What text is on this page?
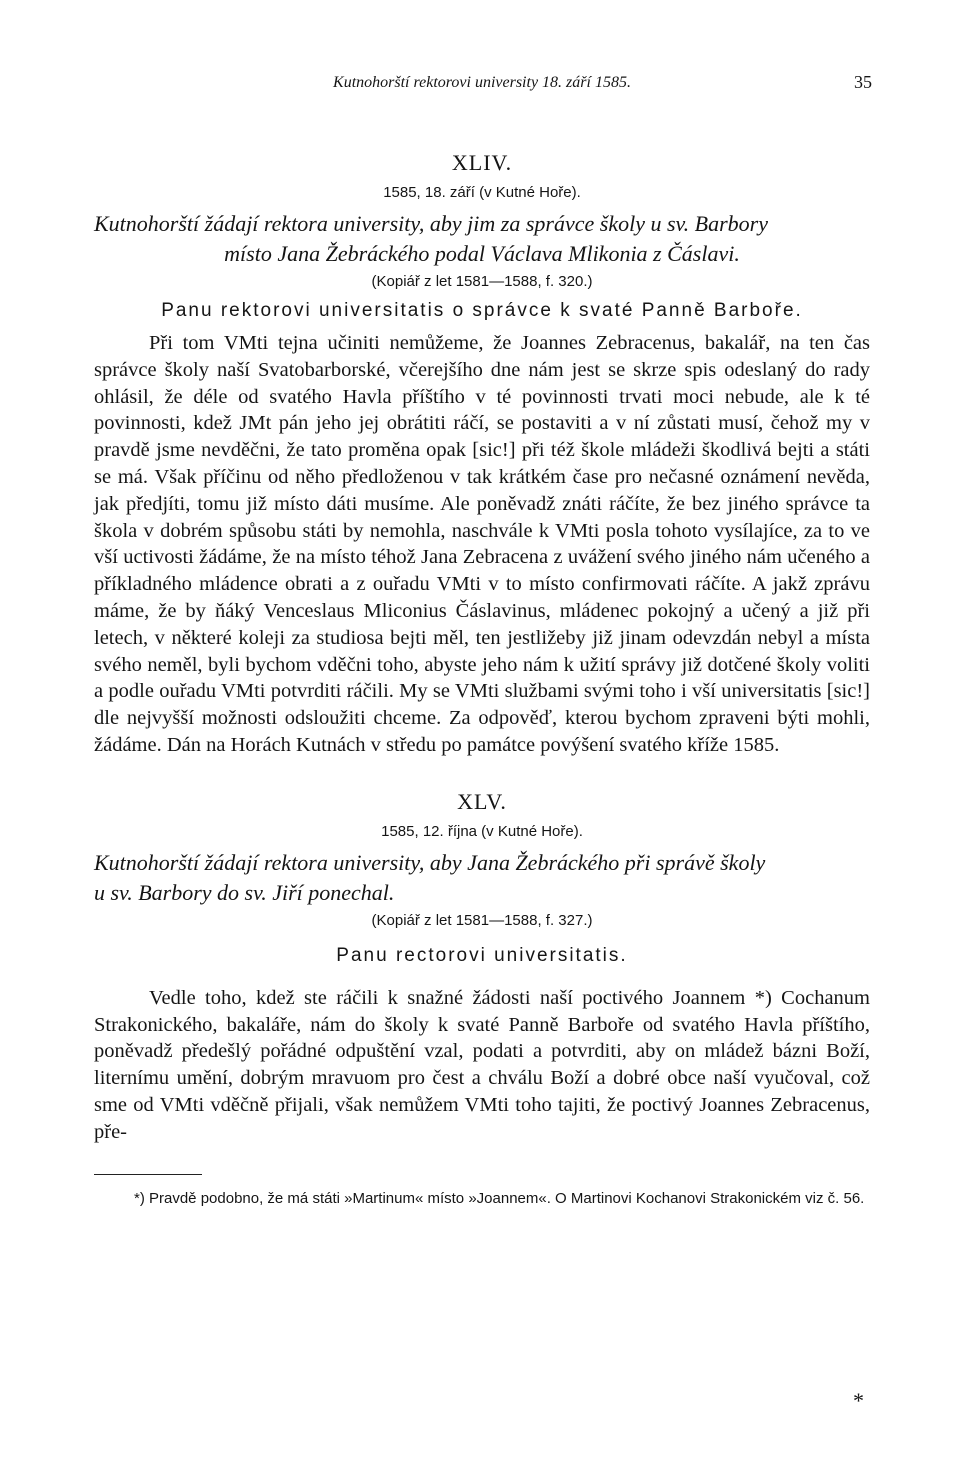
Kutnohorští rektorovi university 18. září 1585.	35
XLIV.
1585, 18. září (v Kutné Hoře).
Kutnohorští žádají rektora university, aby jim za správce školy u sv. Barbory
místo Jana Žebráckého podal Václava Mlikonia z Čáslavi.
(Kopiář z let 1581—1588, f. 320.)
Panu rektorovi universitatis o správce k svaté Panně Barboře.

Při tom VMti tejna učiniti nemůžeme, že Joannes Zebracenus, bakalář, na ten čas správce školy naší Svatobarborské, včerejšího dne nám jest se skrze spis odeslaný do rady ohlásil, že déle od svatého Havla příštího v té povinnosti trvati moci nebude, ale k té povinnosti, kdež JMt pán jeho jej obrátiti ráčí, se postaviti a v ní zůstati musí, čehož my v pravdě jsme nevděčni, že tato proměna opak [sic!] při též škole mládeži škodlivá bejti a státi se má. Však příčinu od něho předloženou v tak krátkém čase pro nečasné oznámení nevěda, jak předjíti, tomu již místo dáti musíme. Ale poněvadž znáti ráčíte, že bez jiného správce ta škola v dobrém spůsobu státi by nemohla, naschvále k VMti posla tohoto vysílajíce, za to ve vší uctivosti žádáme, že na místo téhož Jana Zebracena z uvážení svého jiného nám učeného a příkladného mládence obrati a z ouřadu VMti v to místo confirmovati ráčíte. A jakž zprávu máme, že by ňáký Venceslaus Mliconius Čáslavinus, mládenec pokojný a učený a již při letech, v některé koleji za studiosa bejti měl, ten jestližeby již jinam odevzdán nebyl a místa svého neměl, byli bychom vděčni toho, abyste jeho nám k užití správy již dotčené školy voliti a podle ouřadu VMti potvrditi ráčili. My se VMti službami svými toho i vší universitatis [sic!] dle nejvyšší možnosti odsloužiti chceme. Za odpověď, kterou bychom zpraveni býti mohli, žádáme. Dán na Horách Kutnách v středu po památce povýšení svatého kříže 1585.

XLV.
1585, 12. října (v Kutné Hoře).
Kutnohorští žádají rektora university, aby Jana Žebráckého při správě školy
u sv. Barbory do sv. Jiří ponechal.
(Kopiář z let 1581—1588, f. 327.)
Panu rectorovi universitatis.

Vedle toho, kdež ste ráčili k snažné žádosti naší poctivého Joannem *) Cochanum Strakonického, bakaláře, nám do školy k svaté Panně Barboře od svatého Havla příštího, poněvadž předešlý pořádné odpuštění vzal, podati a potvrditi, aby on mládež bázni Boží, liternímu umění, dobrým mravuom pro čest a chválu Boží a dobré obce naší vyučoval, což sme od VMti vděčně přijali, však nemůžem VMti toho tajiti, že poctivý Joannes Zebracenus, pře-

*) Pravdě podobno, že má státi »Martinum« místo »Joannem«. O Martinovi Kochanovi Strakonickém viz č. 56.
*
